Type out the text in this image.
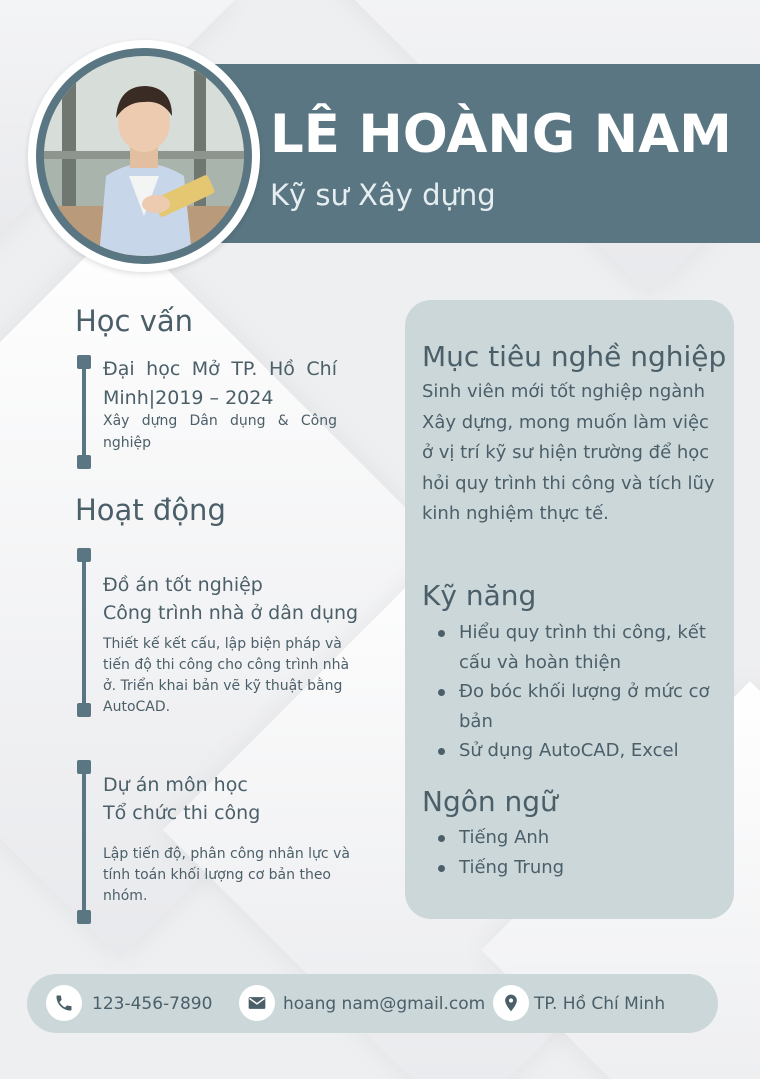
LÊ HOÀNG NAM

Kỹ sư Xây dựng

Học vấn

Đại học Mở TP. Hồ Chí Minh|2019 – 2024

Xây dựng Dân dụng & Công nghiệp

Hoạt động

Đồ án tốt nghiệp

Công trình nhà ở dân dụng

Thiết kế kết cấu, lập biện pháp và tiến độ thi công cho công trình nhà ở. Triển khai bản vẽ kỹ thuật bằng AutoCAD.

Dự án môn học

Tổ chức thi công

Lập tiến độ, phân công nhân lực và tính toán khối lượng cơ bản theo nhóm.

Mục tiêu nghề nghiệp

Sinh viên mới tốt nghiệp ngành Xây dựng, mong muốn làm việc ở vị trí kỹ sư hiện trường để học hỏi quy trình thi công và tích lũy kinh nghiệm thực tế.

Kỹ năng
Hiểu quy trình thi công, kết cấu và hoàn thiện
Đo bóc khối lượng ở mức cơ bản
Sử dụng AutoCAD, Excel
Ngôn ngữ
Tiếng Anh
Tiếng Trung

123-456-7890	hoang nam@gmail.com	TP. Hồ Chí Minh
